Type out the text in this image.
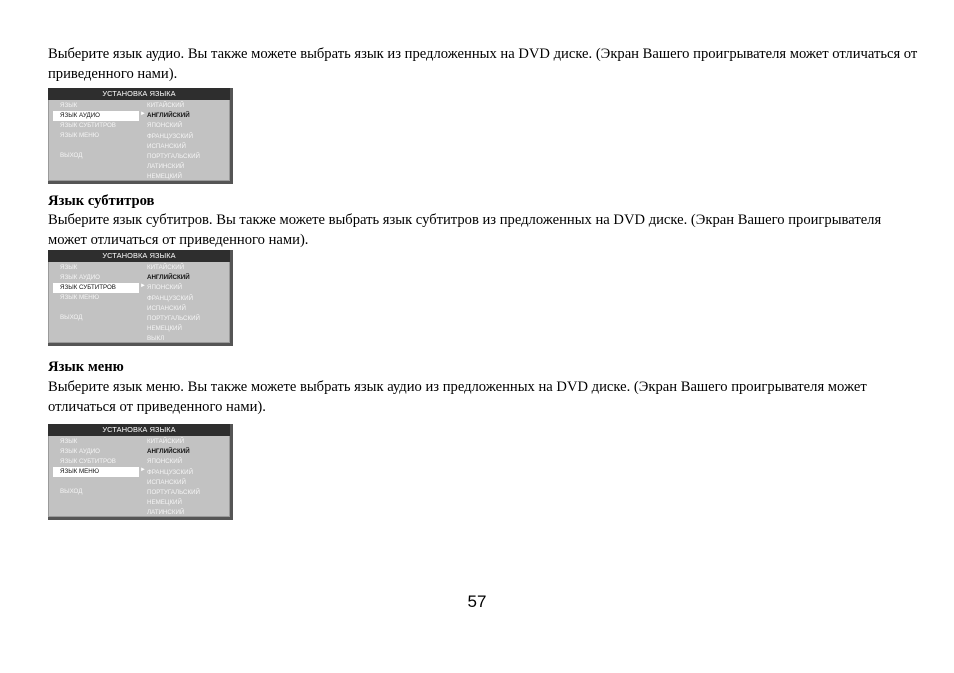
Выберите язык аудио. Вы также можете выбрать язык из предложенных на DVD диске. (Экран Вашего проигрывателя может отличаться от приведенного нами).

УСТАНОВКА ЯЗЫКА
ЯЗЫК
ЯЗЫК АУДИО
ЯЗЫК СУБТИТРОВ
ЯЗЫК МЕНЮ
ВЫХОД
КИТАЙСКИЙ
АНГЛИЙСКИЙ
ЯПОНСКИЙ
ФРАНЦУЗСКИЙ
ИСПАНСКИЙ
ПОРТУГАЛЬСКИЙ
ЛАТИНСКИЙ
НЕМЕЦКИЙ
►

Язык субтитров

Выберите язык субтитров. Вы также можете выбрать язык субтитров из предложенных на DVD диске. (Экран Вашего проигрывателя может отличаться от приведенного нами).

УСТАНОВКА ЯЗЫКА
ЯЗЫК
ЯЗЫК АУДИО
ЯЗЫК СУБТИТРОВ
ЯЗЫК МЕНЮ
ВЫХОД
КИТАЙСКИЙ
АНГЛИЙСКИЙ
ЯПОНСКИЙ
ФРАНЦУЗСКИЙ
ИСПАНСКИЙ
ПОРТУГАЛЬСКИЙ
НЕМЕЦКИЙ
ВЫКЛ
►

Язык меню

Выберите язык меню. Вы также можете выбрать язык аудио из предложенных на DVD диске. (Экран Вашего проигрывателя может отличаться от приведенного нами).

УСТАНОВКА ЯЗЫКА
ЯЗЫК
ЯЗЫК АУДИО
ЯЗЫК СУБТИТРОВ
ЯЗЫК МЕНЮ
ВЫХОД
КИТАЙСКИЙ
АНГЛИЙСКИЙ
ЯПОНСКИЙ
ФРАНЦУЗСКИЙ
ИСПАНСКИЙ
ПОРТУГАЛЬСКИЙ
НЕМЕЦКИЙ
ЛАТИНСКИЙ
►
57
